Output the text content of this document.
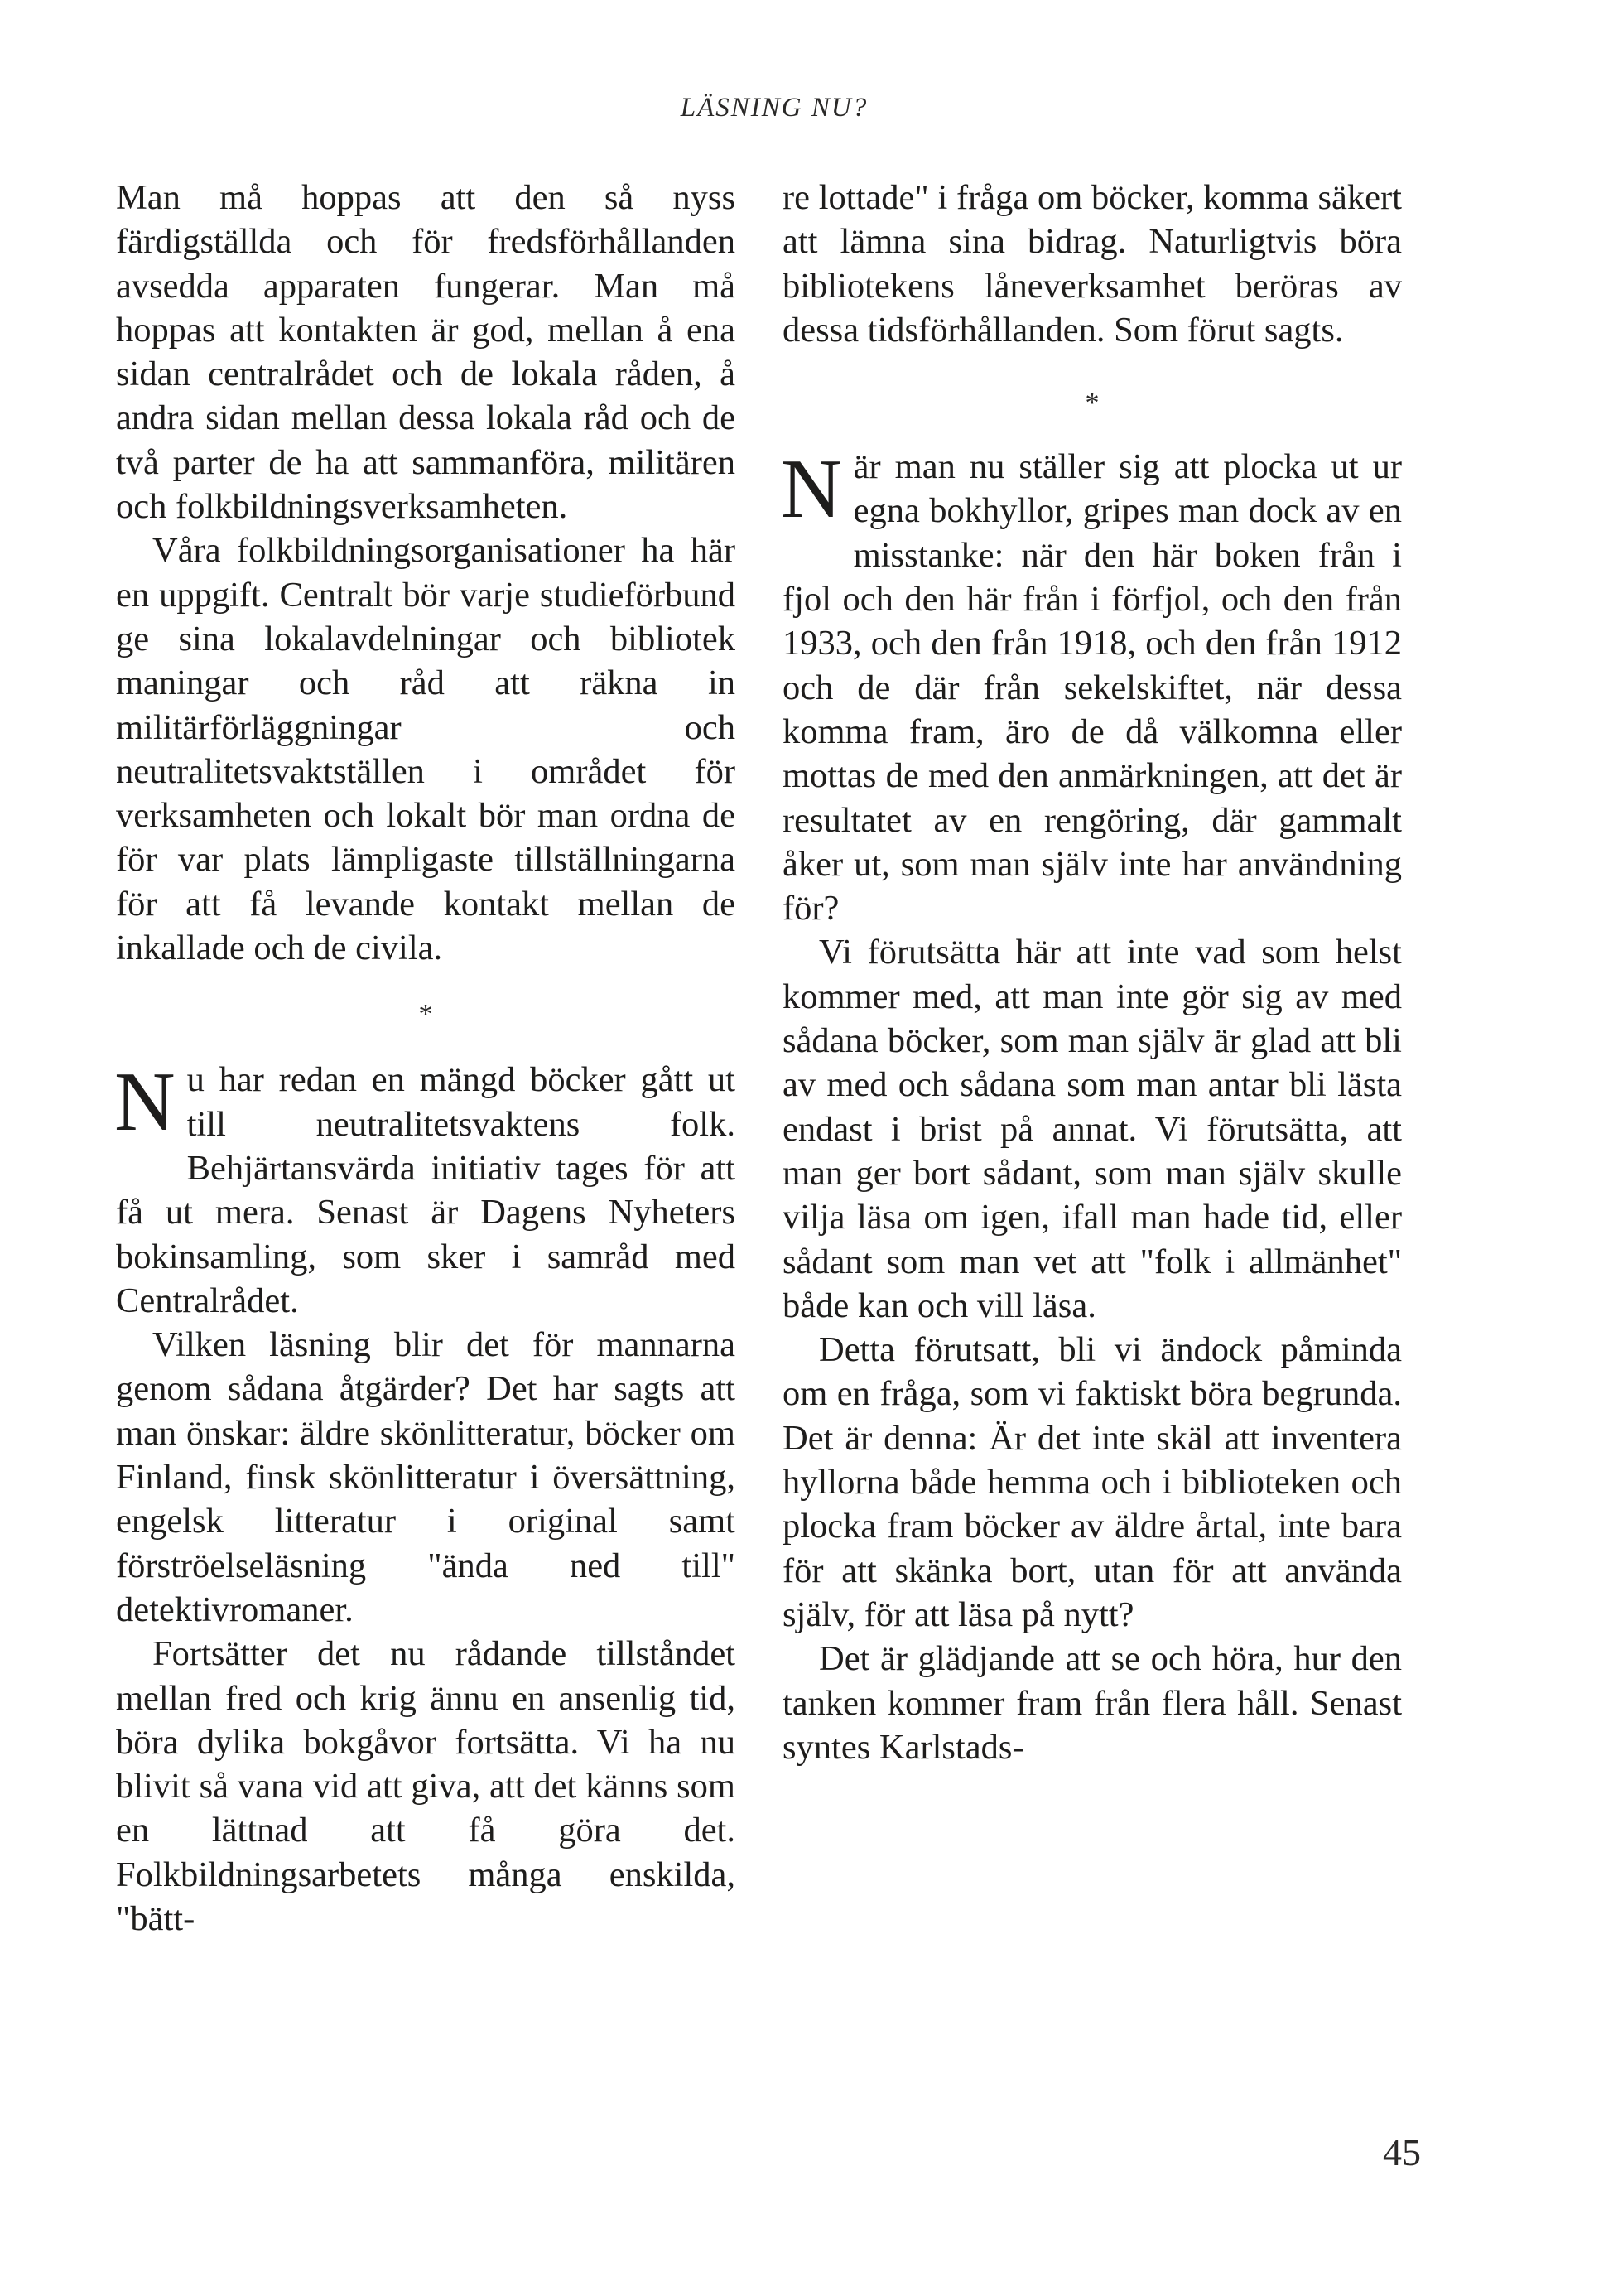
LÄSNING NU?

Man må hoppas att den så nyss färdigställda och för fredsförhållanden avsedda apparaten fungerar. Man må hoppas att kontakten är god, mellan å ena sidan centralrådet och de lokala råden, å andra sidan mellan dessa lokala råd och de två parter de ha att sammanföra, militären och folkbildningsverksamheten.

Våra folkbildningsorganisationer ha här en uppgift. Centralt bör varje studieförbund ge sina lokalavdelningar och bibliotek maningar och råd att räkna in militärförläggningar och neutralitetsvaktställen i området för verksamheten och lokalt bör man ordna de för var plats lämpligaste tillställningarna för att få levande kontakt mellan de inkallade och de civila.

*

Nu har redan en mängd böcker gått ut till neutralitetsvaktens folk. Behjärtansvärda initiativ tages för att få ut mera. Senast är Dagens Nyheters bokinsamling, som sker i samråd med Centralrådet.

Vilken läsning blir det för mannarna genom sådana åtgärder? Det har sagts att man önskar: äldre skönlitteratur, böcker om Finland, finsk skönlitteratur i översättning, engelsk litteratur i original samt förströelseläsning "ända ned till" detektivromaner.

Fortsätter det nu rådande tillståndet mellan fred och krig ännu en ansenlig tid, böra dylika bokgåvor fortsätta. Vi ha nu blivit så vana vid att giva, att det känns som en lättnad att få göra det. Folkbildningsarbetets många enskilda, "bätt-

re lottade" i fråga om böcker, komma säkert att lämna sina bidrag. Naturligtvis böra bibliotekens låneverksamhet beröras av dessa tidsförhållanden. Som förut sagts.

*

När man nu ställer sig att plocka ut ur egna bokhyllor, gripes man dock av en misstanke: när den här boken från i fjol och den här från i förfjol, och den från 1933, och den från 1918, och den från 1912 och de där från sekelskiftet, när dessa komma fram, äro de då välkomna eller mottas de med den anmärkningen, att det är resultatet av en rengöring, där gammalt åker ut, som man själv inte har användning för?

Vi förutsätta här att inte vad som helst kommer med, att man inte gör sig av med sådana böcker, som man själv är glad att bli av med och sådana som man antar bli lästa endast i brist på annat. Vi förutsätta, att man ger bort sådant, som man själv skulle vilja läsa om igen, ifall man hade tid, eller sådant som man vet att "folk i allmänhet" både kan och vill läsa.

Detta förutsatt, bli vi ändock påminda om en fråga, som vi faktiskt böra begrunda. Det är denna: Är det inte skäl att inventera hyllorna både hemma och i biblioteken och plocka fram böcker av äldre årtal, inte bara för att skänka bort, utan för att använda själv, för att läsa på nytt?

Det är glädjande att se och höra, hur den tanken kommer fram från flera håll. Senast syntes Karlstads-

45
